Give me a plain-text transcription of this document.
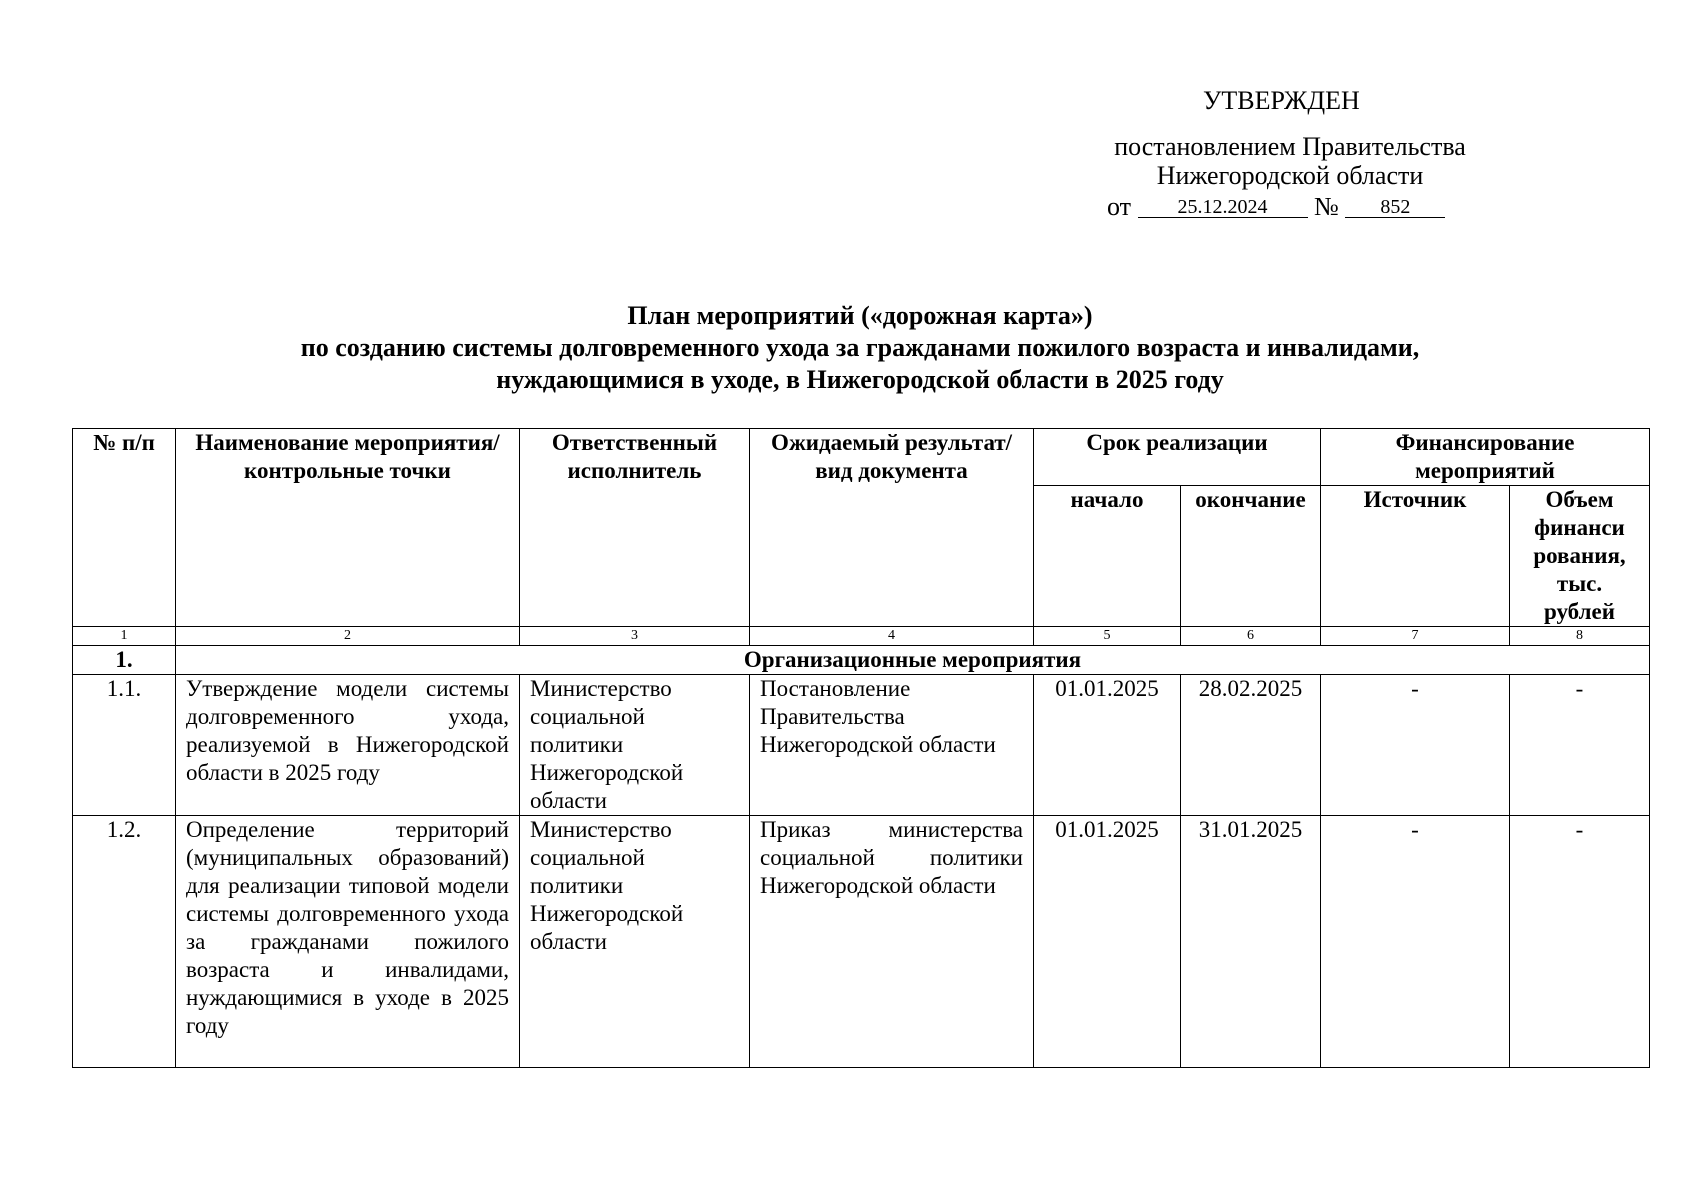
УТВЕРЖДЕН
постановлением Правительства
Нижегородской области
от 25.12.2024 № 852
План мероприятий («дорожная карта»)
по созданию системы долговременного ухода за гражданами пожилого возраста и инвалидами,
нуждающимися в уходе, в Нижегородской области в 2025 году
№ п/п	Наименование мероприятия/ контрольные точки	Ответственный исполнитель	Ожидаемый результат/вид документа	Срок реализации		Финансирование мероприятий	
				начало	окончание	Источник	Объем финанси рования, тыс. рублей
1	2	3	4	5	6	7	8
1.	Организационные мероприятия						
1.1.	Утверждение модели системы долговременного ухода, реализуемой в Нижегородской области в 2025 году	Министерство социальной политики Нижегородской области	Постановление Правительства Нижегородской области	01.01.2025	28.02.2025	-	-
1.2.	Определение территорий (муниципальных образований) для реализации типовой модели системы долговременного ухода за гражданами пожилого возраста и инвалидами, нуждающимися в уходе в 2025 году	Министерство социальной политики Нижегородской области	Приказ министерства социальной политики Нижегородской области	01.01.2025	31.01.2025	-	-
